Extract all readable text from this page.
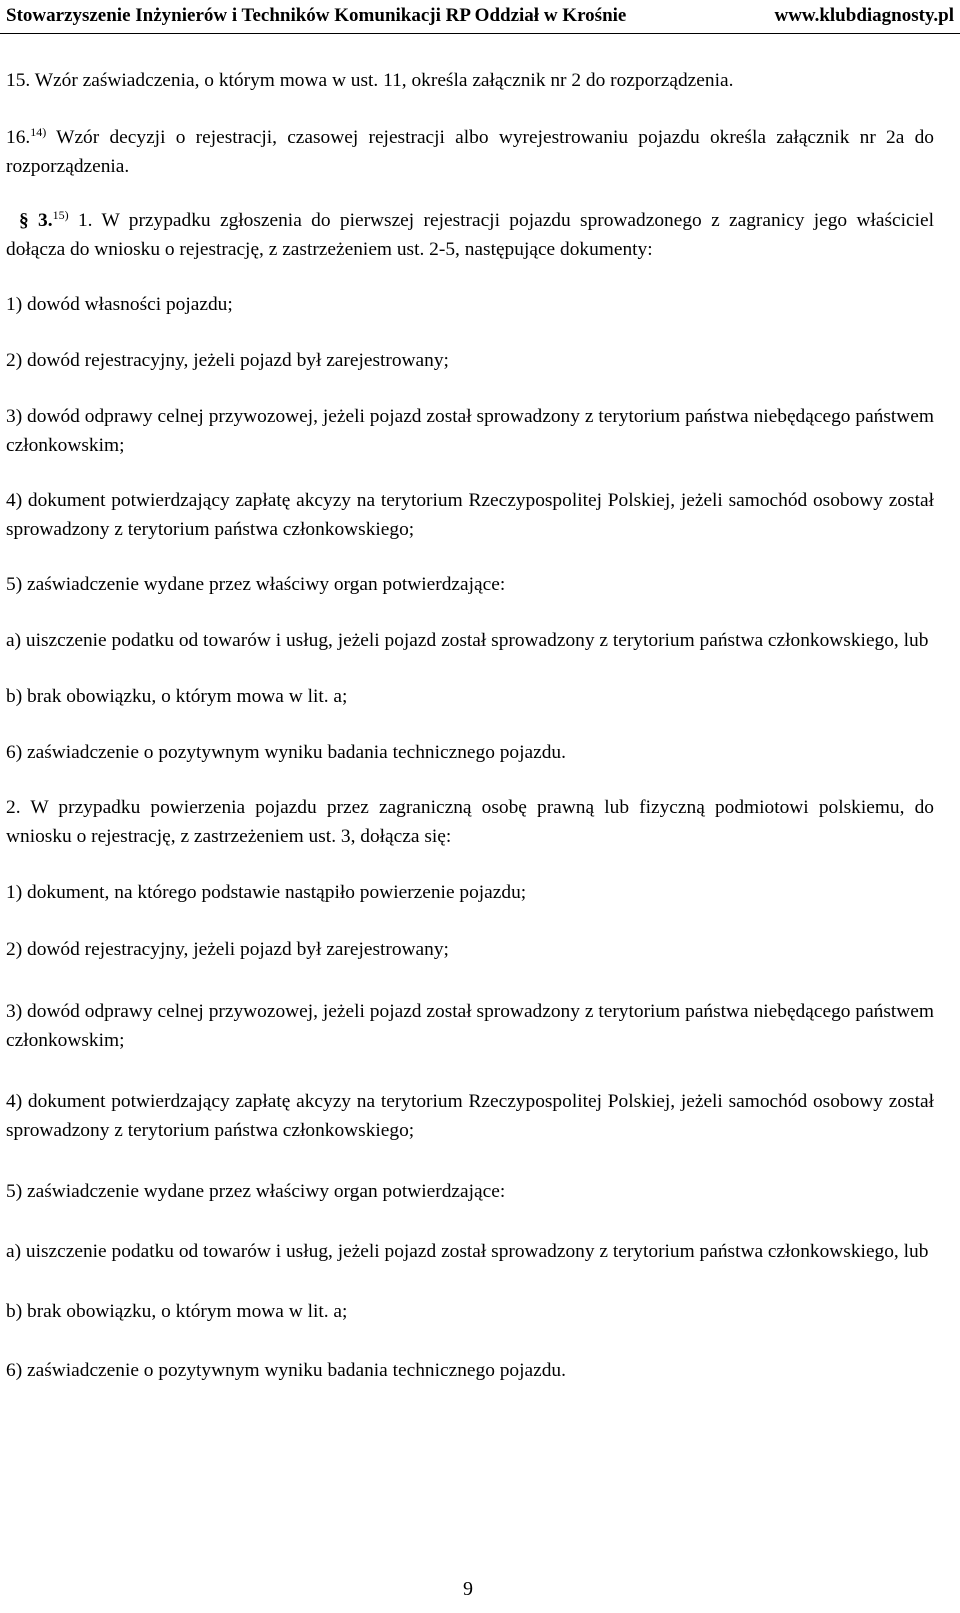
Stowarzyszenie Inżynierów i Techników Komunikacji RP Oddział w Krośnie	www.klubdiagnosty.pl

15. Wzór zaświadczenia, o którym mowa w ust. 11, określa załącznik nr 2 do rozporządzenia.

16.$^{14)}$ Wzór decyzji o rejestracji, czasowej rejestracji albo wyrejestrowaniu pojazdu określa załącznik nr 2a do rozporządzenia.

§ 3.$^{15)}$ 1. W przypadku zgłoszenia do pierwszej rejestracji pojazdu sprowadzonego z zagranicy jego właściciel dołącza do wniosku o rejestrację, z zastrzeżeniem ust. 2-5, następujące dokumenty:

1) dowód własności pojazdu;

2) dowód rejestracyjny, jeżeli pojazd był zarejestrowany;

3) dowód odprawy celnej przywozowej, jeżeli pojazd został sprowadzony z terytorium państwa niebędącego państwem członkowskim;

4) dokument potwierdzający zapłatę akcyzy na terytorium Rzeczypospolitej Polskiej, jeżeli samochód osobowy został sprowadzony z terytorium państwa członkowskiego;

5) zaświadczenie wydane przez właściwy organ potwierdzające:

a) uiszczenie podatku od towarów i usług, jeżeli pojazd został sprowadzony z terytorium państwa członkowskiego, lub

b) brak obowiązku, o którym mowa w lit. a;

6) zaświadczenie o pozytywnym wyniku badania technicznego pojazdu.

2. W przypadku powierzenia pojazdu przez zagraniczną osobę prawną lub fizyczną podmiotowi polskiemu, do wniosku o rejestrację, z zastrzeżeniem ust. 3, dołącza się:

1) dokument, na którego podstawie nastąpiło powierzenie pojazdu;

2) dowód rejestracyjny, jeżeli pojazd był zarejestrowany;

3) dowód odprawy celnej przywozowej, jeżeli pojazd został sprowadzony z terytorium państwa niebędącego państwem członkowskim;

4) dokument potwierdzający zapłatę akcyzy na terytorium Rzeczypospolitej Polskiej, jeżeli samochód osobowy został sprowadzony z terytorium państwa członkowskiego;

5) zaświadczenie wydane przez właściwy organ potwierdzające:

a) uiszczenie podatku od towarów i usług, jeżeli pojazd został sprowadzony z terytorium państwa członkowskiego, lub

b) brak obowiązku, o którym mowa w lit. a;

6) zaświadczenie o pozytywnym wyniku badania technicznego pojazdu.

9
